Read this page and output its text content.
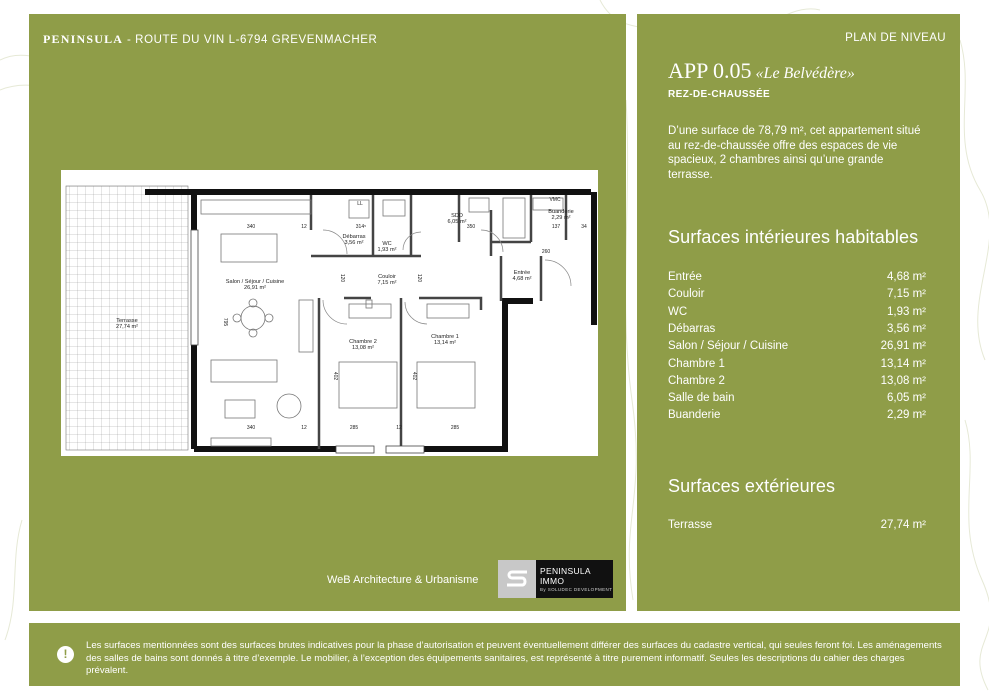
PENINSULA - ROUTE DU VIN L-6794 GREVENMACHER
Terrasse
27,74 m²
Salon / Séjour / Cuisine
26,91 m²
Débarras
3,56 m²	WC
1,93 m²
SDD
6,05 m²
Buanderie
2,29 m²
Couloir
7,15 m²
Entrée
4,68 m²
Chambre 2
13,08 m²
Chambre 1
13,14 m²
LL
VMC
340	12	350	137	34
314⁵
260
795
120	120
340	12	285	12	285
402	402
WeB Architecture & Urbanisme
PENINSULA IMMO
By SOLUDEC DEVELOPMENT
PLAN DE NIVEAU
APP 0.05 «Le Belvédère»
REZ-DE-CHAUSSÉE
D’une surface de 78,79 m², cet appartement situé au rez-de-chaussée offre des espaces de vie spacieux, 2 chambres ainsi qu’une grande terrasse.
Surfaces intérieures habitables
Entrée	4,68 m²
Couloir	7,15 m²
WC	1,93 m²
Débarras	3,56 m²
Salon / Séjour / Cuisine	26,91 m²
Chambre 1	13,14 m²
Chambre 2	13,08 m²
Salle de bain	6,05 m²
Buanderie	2,29 m²
Surfaces extérieures
Terrasse	27,74 m²
!
Les surfaces mentionnées sont des surfaces brutes indicatives pour la phase d’autorisation et peuvent éventuellement différer des surfaces du cadastre vertical, qui seules feront foi. Les aménagements des salles de bains sont donnés à titre d’exemple. Le mobilier, à l’exception des équipements sanitaires, est représenté à titre purement informatif. Seules les descriptions du cahier des charges prévalent.
